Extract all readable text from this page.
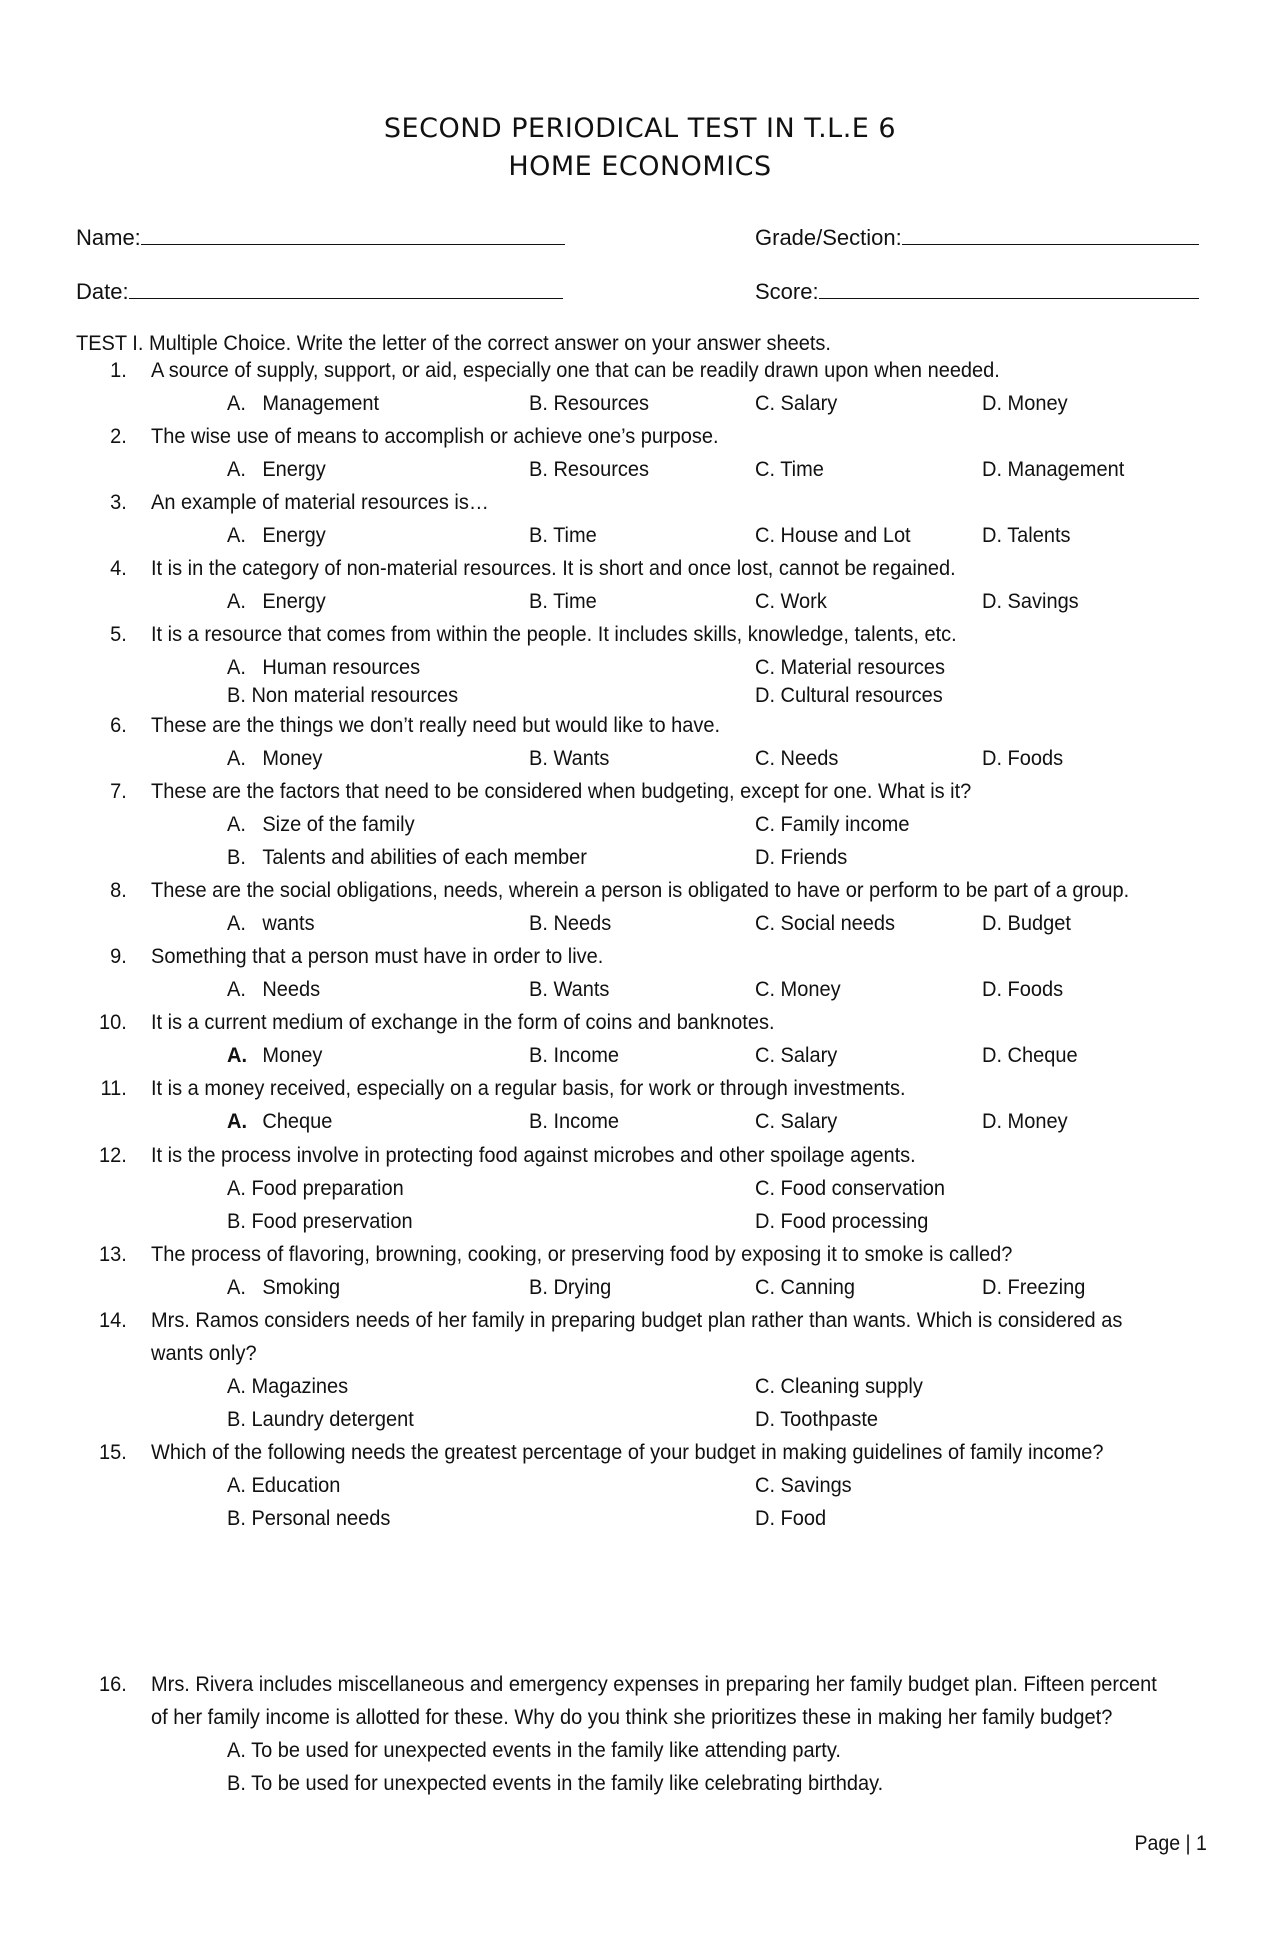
SECOND PERIODICAL TEST IN T.L.E 6
HOME ECONOMICS
Name:	Grade/Section:
Date:	Score:
TEST I. Multiple Choice. Write the letter of the correct answer on your answer sheets.
1. A source of supply, support, or aid, especially one that can be readily drawn upon when needed.
A. Management	B. Resources	C. Salary	D. Money
2. The wise use of means to accomplish or achieve one’s purpose.
A. Energy	B. Resources	C. Time	D. Management
3. An example of material resources is…
A. Energy	B. Time	C. House and Lot	D. Talents
4. It is in the category of non-material resources. It is short and once lost, cannot be regained.
A. Energy	B. Time	C. Work	D. Savings
5. It is a resource that comes from within the people. It includes skills, knowledge, talents, etc.
A. Human resources	C. Material resources
B. Non material resources	D. Cultural resources
6. These are the things we don’t really need but would like to have.
A. Money	B. Wants	C. Needs	D. Foods
7. These are the factors that need to be considered when budgeting, except for one. What is it?
A. Size of the family	C. Family income
B. Talents and abilities of each member	D. Friends
8. These are the social obligations, needs, wherein a person is obligated to have or perform to be part of a group.
A. wants	B. Needs	C. Social needs	D. Budget
9. Something that a person must have in order to live.
A. Needs	B. Wants	C. Money	D. Foods
10. It is a current medium of exchange in the form of coins and banknotes.
A. Money	B. Income	C. Salary	D. Cheque
11. It is a money received, especially on a regular basis, for work or through investments.
A. Cheque	B. Income	C. Salary	D. Money
12. It is the process involve in protecting food against microbes and other spoilage agents.
A. Food preparation	C. Food conservation
B. Food preservation	D. Food processing
13. The process of flavoring, browning, cooking, or preserving food by exposing it to smoke is called?
A. Smoking	B. Drying	C. Canning	D. Freezing
14. Mrs. Ramos considers needs of her family in preparing budget plan rather than wants. Which is considered as
wants only?
A. Magazines	C. Cleaning supply
B. Laundry detergent	D. Toothpaste
15. Which of the following needs the greatest percentage of your budget in making guidelines of family income?
A. Education	C. Savings
B. Personal needs	D. Food
16. Mrs. Rivera includes miscellaneous and emergency expenses in preparing her family budget plan. Fifteen percent
of her family income is allotted for these. Why do you think she prioritizes these in making her family budget?
A. To be used for unexpected events in the family like attending party.
B. To be used for unexpected events in the family like celebrating birthday.
Page | 1
